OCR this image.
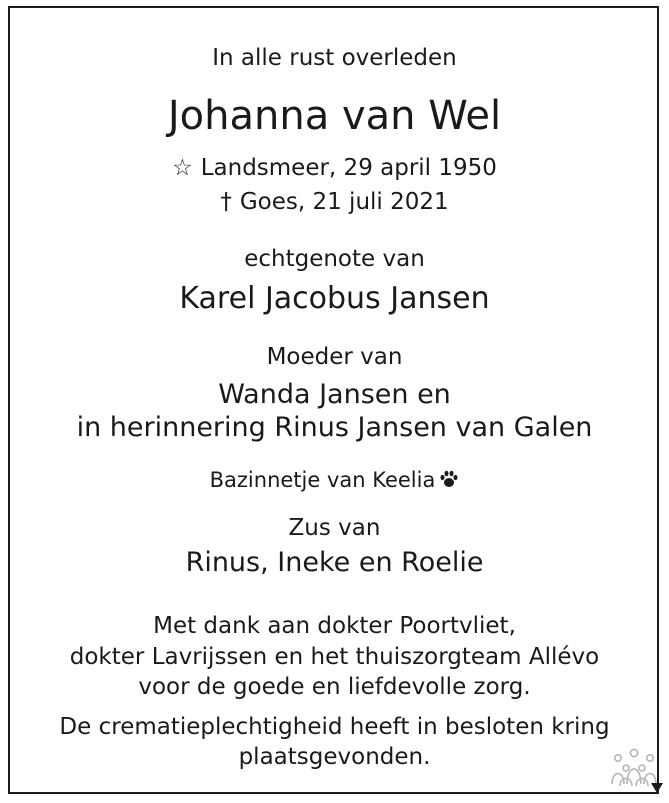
In alle rust overleden
Johanna van Wel
☆ Landsmeer, 29 april 1950
† Goes, 21 juli 2021
echtgenote van
Karel Jacobus Jansen
Moeder van
Wanda Jansen en
in herinnering Rinus Jansen van Galen
Bazinnetje van Keelia
Zus van
Rinus, Ineke en Roelie
Met dank aan dokter Poortvliet,
dokter Lavrijssen en het thuiszorgteam Allévo
voor de goede en liefdevolle zorg.
De crematieplechtigheid heeft in besloten kring
plaatsgevonden.
